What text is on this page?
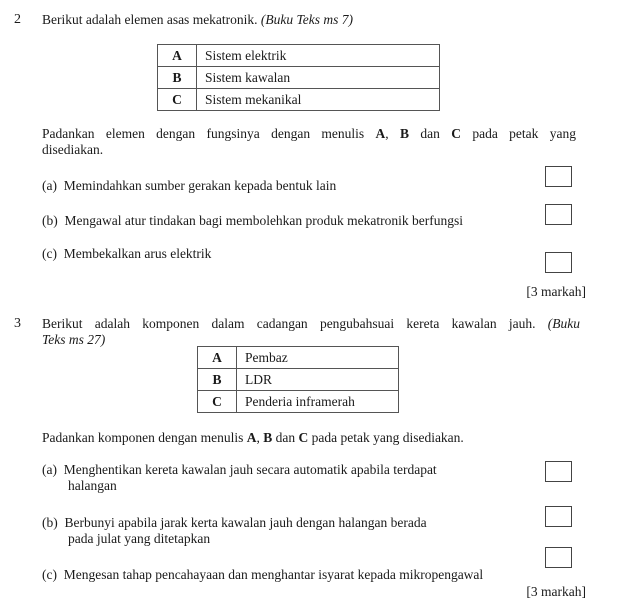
2 Berikut adalah elemen asas mekatronik. (Buku Teks ms 7)
A	Sistem elektrik
B	Sistem kawalan
C	Sistem mekanikal
Padankan elemen dengan fungsinya dengan menulis A, B dan C pada petak yang
disediakan.
(a) Memindahkan sumber gerakan kepada bentuk lain
(b) Mengawal atur tindakan bagi membolehkan produk mekatronik berfungsi
(c) Membekalkan arus elektrik
[3 markah]
3 Berikut adalah komponen dalam cadangan pengubahsuai kereta kawalan jauh. (Buku
Teks ms 27)
A	Pembaz
B	LDR
C	Penderia inframerah
Padankan komponen dengan menulis A, B dan C pada petak yang disediakan.
(a) Menghentikan kereta kawalan jauh secara automatik apabila terdapat
halangan
(b) Berbunyi apabila jarak kerta kawalan jauh dengan halangan berada
pada julat yang ditetapkan
(c) Mengesan tahap pencahayaan dan menghantar isyarat kepada mikropengawal
[3 markah]
